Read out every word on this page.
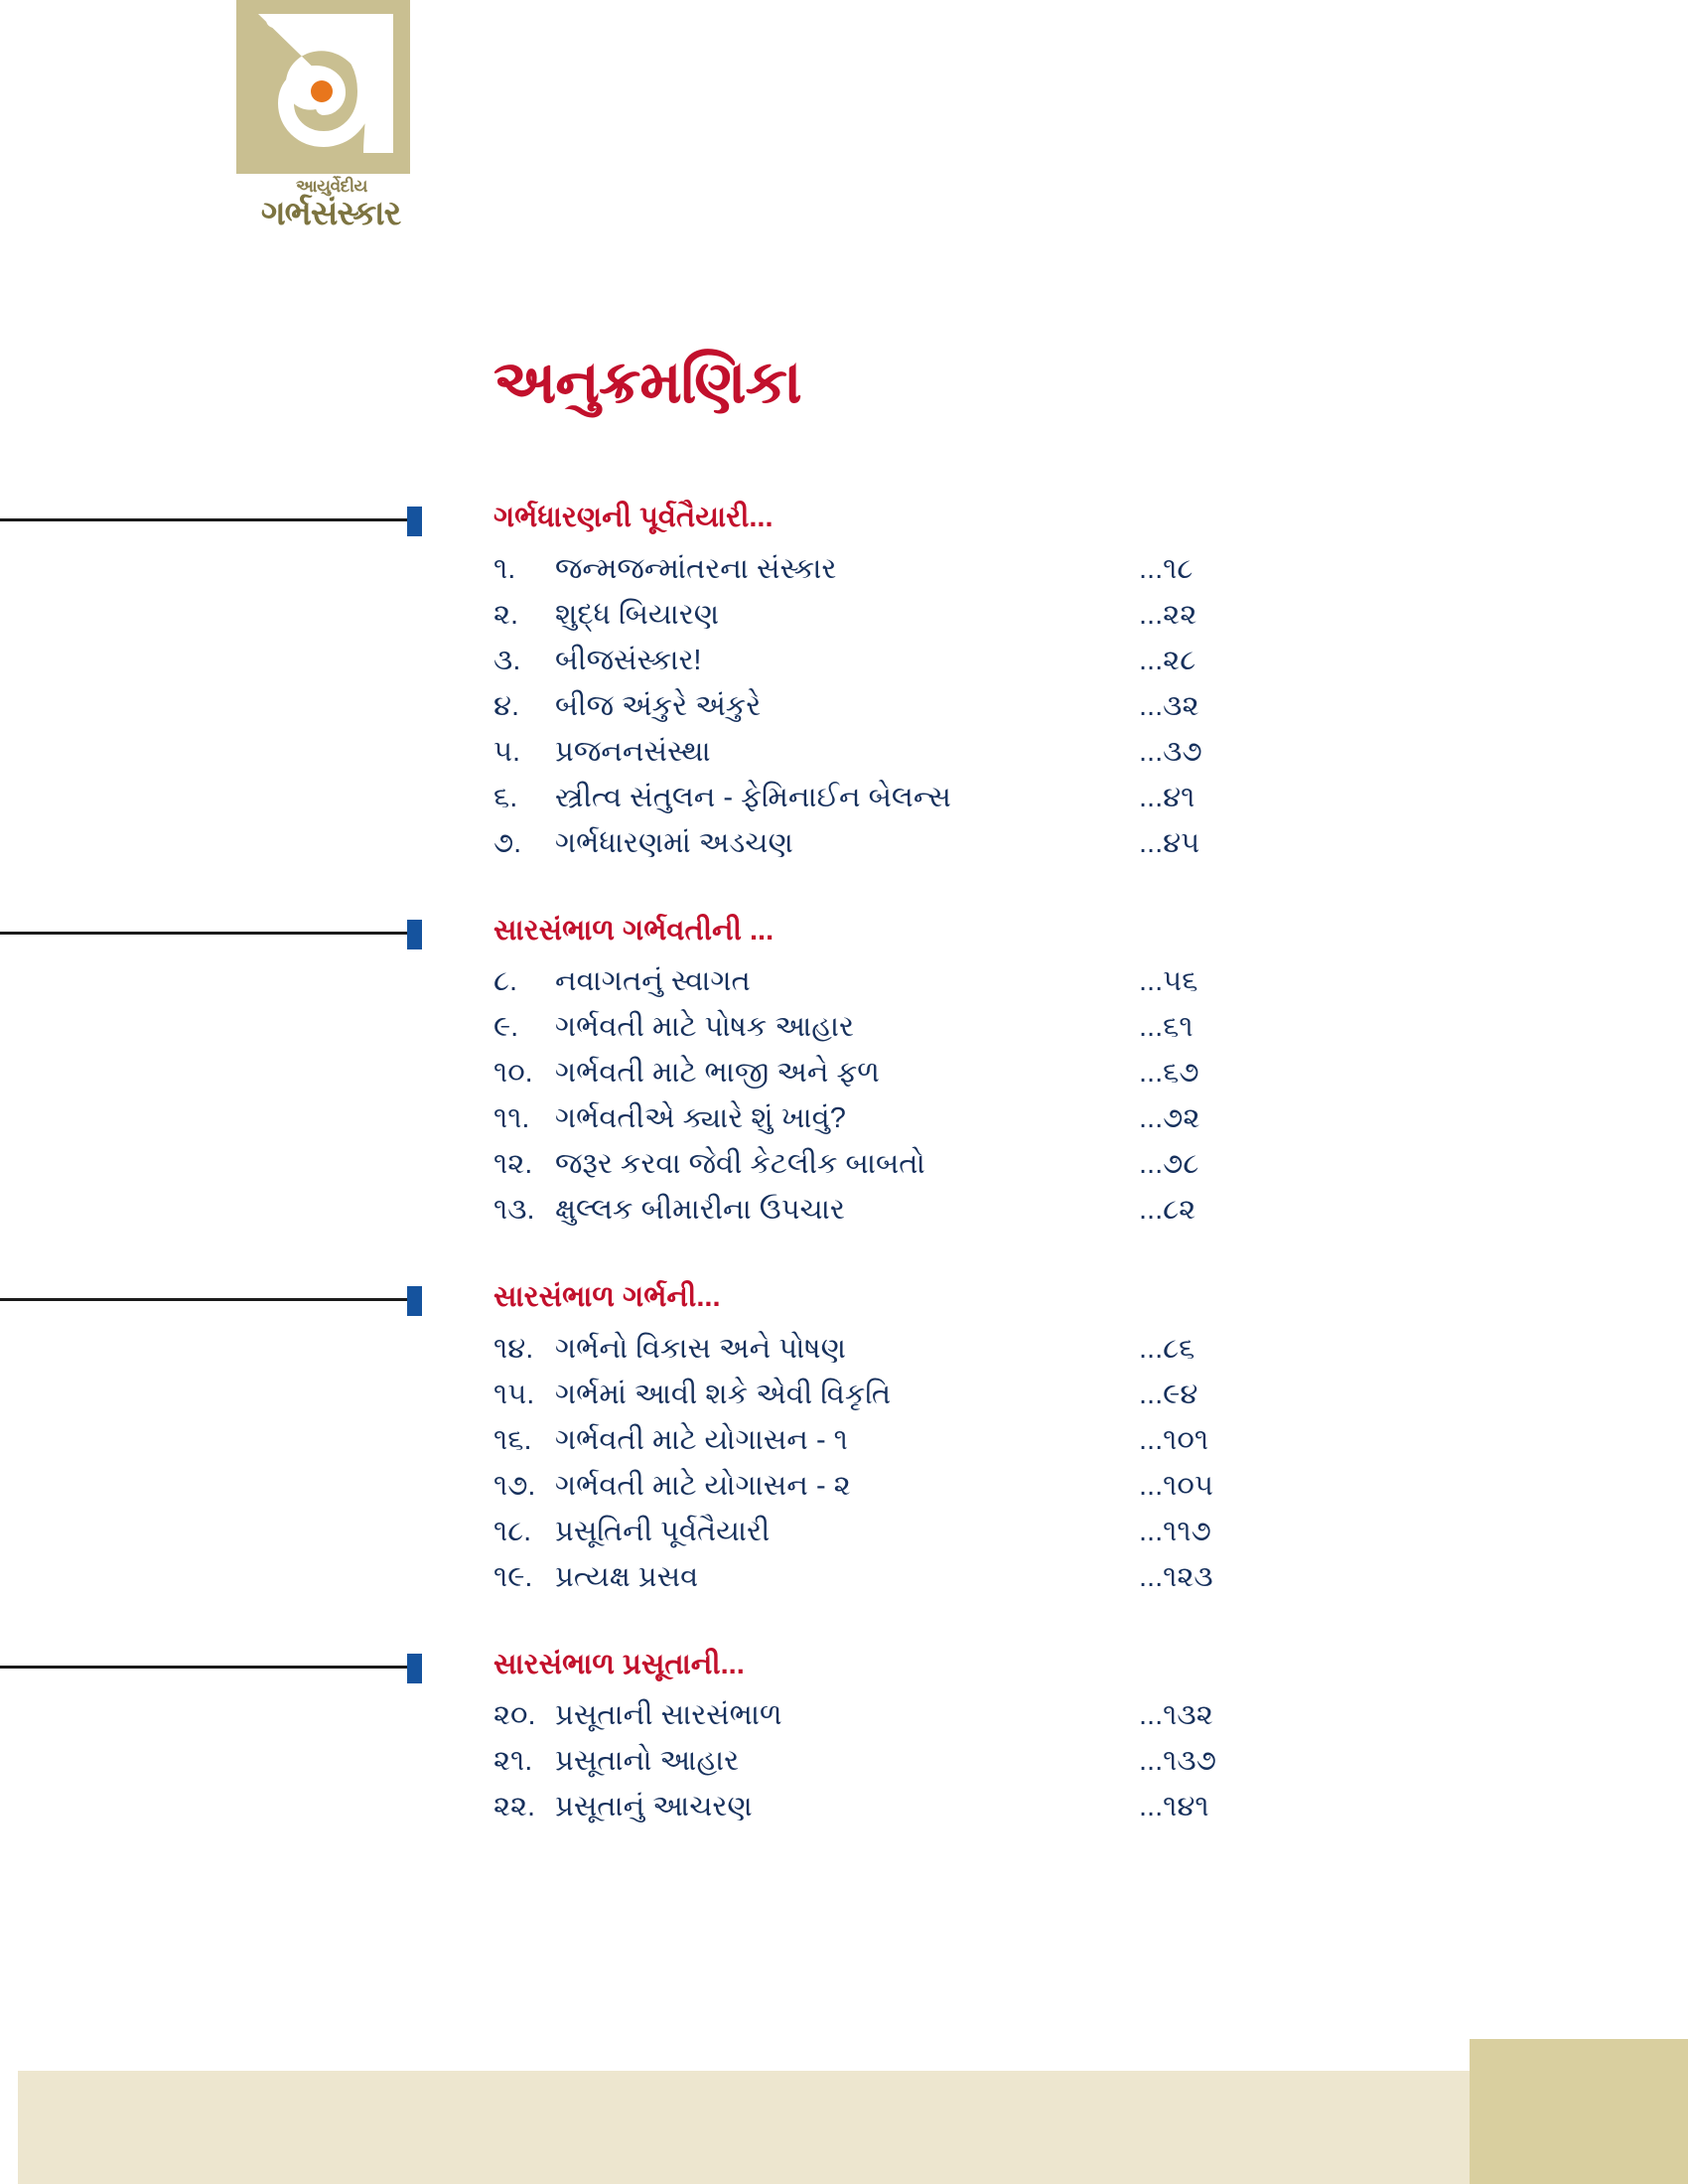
આયુર્વેદીય
ગર્ભસંસ્કાર
અનુક્રમણિકા
ગર્ભધારણની પૂર્વતૈયારી...
૧. જન્મજન્માંતરના સંસ્કાર	...૧૮
૨. શુદ્ધ બિયારણ	...૨૨
૩. બીજસંસ્કાર!	...૨૮
૪. બીજ અંકુરે અંકુરે	...૩૨
૫. પ્રજનનસંસ્થા	...૩૭
૬. સ્ત્રીત્વ સંતુલન - ફેમિનાઈન બેલન્સ	...૪૧
૭. ગર્ભધારણમાં અડચણ	...૪૫
સારસંભાળ ગર્ભવતીની ...
૮. નવાગતનું સ્વાગત	...૫૬
૯. ગર્ભવતી માટે પોષક આહાર	...૬૧
૧૦. ગર્ભવતી માટે ભાજી અને ફળ	...૬૭
૧૧. ગર્ભવતીએ ક્યારે શું ખાવું?	...૭૨
૧૨. જરૂર કરવા જેવી કેટલીક બાબતો	...૭૮
૧૩. ક્ષુલ્લક બીમારીના ઉપચાર	...૮૨
સારસંભાળ ગર્ભની...
૧૪. ગર્ભનો વિકાસ અને પોષણ	...૮૬
૧૫. ગર્ભમાં આવી શકે એવી વિકૃતિ	...૯૪
૧૬. ગર્ભવતી માટે યોગાસન - ૧	...૧૦૧
૧૭. ગર્ભવતી માટે યોગાસન - ૨	...૧૦૫
૧૮. પ્રસૂતિની પૂર્વતૈયારી	...૧૧૭
૧૯. પ્રત્યક્ષ પ્રસવ	...૧૨૩
સારસંભાળ પ્રસૂતાની...
૨૦. પ્રસૂતાની સારસંભાળ	...૧૩૨
૨૧. પ્રસૂતાનો આહાર	...૧૩૭
૨૨. પ્રસૂતાનું આચરણ	...૧૪૧
